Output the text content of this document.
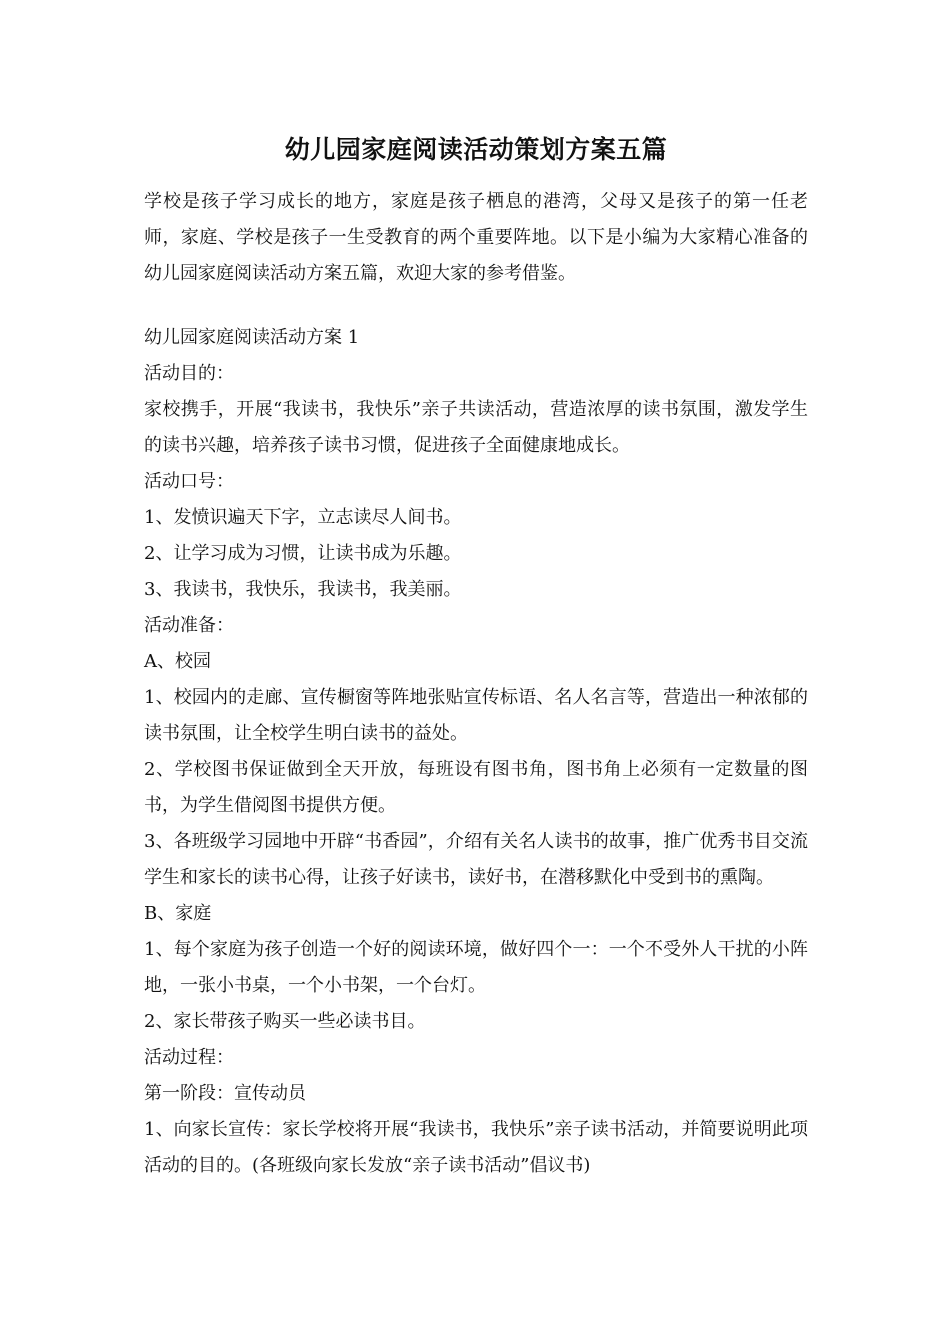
幼儿园家庭阅读活动策划方案五篇

学校是孩子学习成长的地方，家庭是孩子栖息的港湾，父母又是孩子的第一任老师，家庭、学校是孩子一生受教育的两个重要阵地。以下是小编为大家精心准备的幼儿园家庭阅读活动方案五篇，欢迎大家的参考借鉴。

幼儿园家庭阅读活动方案 1

活动目的：

家校携手，开展“我读书，我快乐”亲子共读活动，营造浓厚的读书氛围，激发学生的读书兴趣，培养孩子读书习惯，促进孩子全面健康地成长。

活动口号：

1、发愤识遍天下字，立志读尽人间书。

2、让学习成为习惯，让读书成为乐趣。

3、我读书，我快乐，我读书，我美丽。

活动准备：

A、校园

1、校园内的走廊、宣传橱窗等阵地张贴宣传标语、名人名言等，营造出一种浓郁的读书氛围，让全校学生明白读书的益处。

2、学校图书保证做到全天开放，每班设有图书角，图书角上必须有一定数量的图书，为学生借阅图书提供方便。

3、各班级学习园地中开辟“书香园”，介绍有关名人读书的故事，推广优秀书目交流学生和家长的读书心得，让孩子好读书，读好书，在潜移默化中受到书的熏陶。

B、家庭

1、每个家庭为孩子创造一个好的阅读环境，做好四个一：一个不受外人干扰的小阵地，一张小书桌，一个小书架，一个台灯。

2、家长带孩子购买一些必读书目。

活动过程：

第一阶段：宣传动员

1、向家长宣传：家长学校将开展“我读书，我快乐”亲子读书活动，并简要说明此项活动的目的。(各班级向家长发放“亲子读书活动”倡议书)
